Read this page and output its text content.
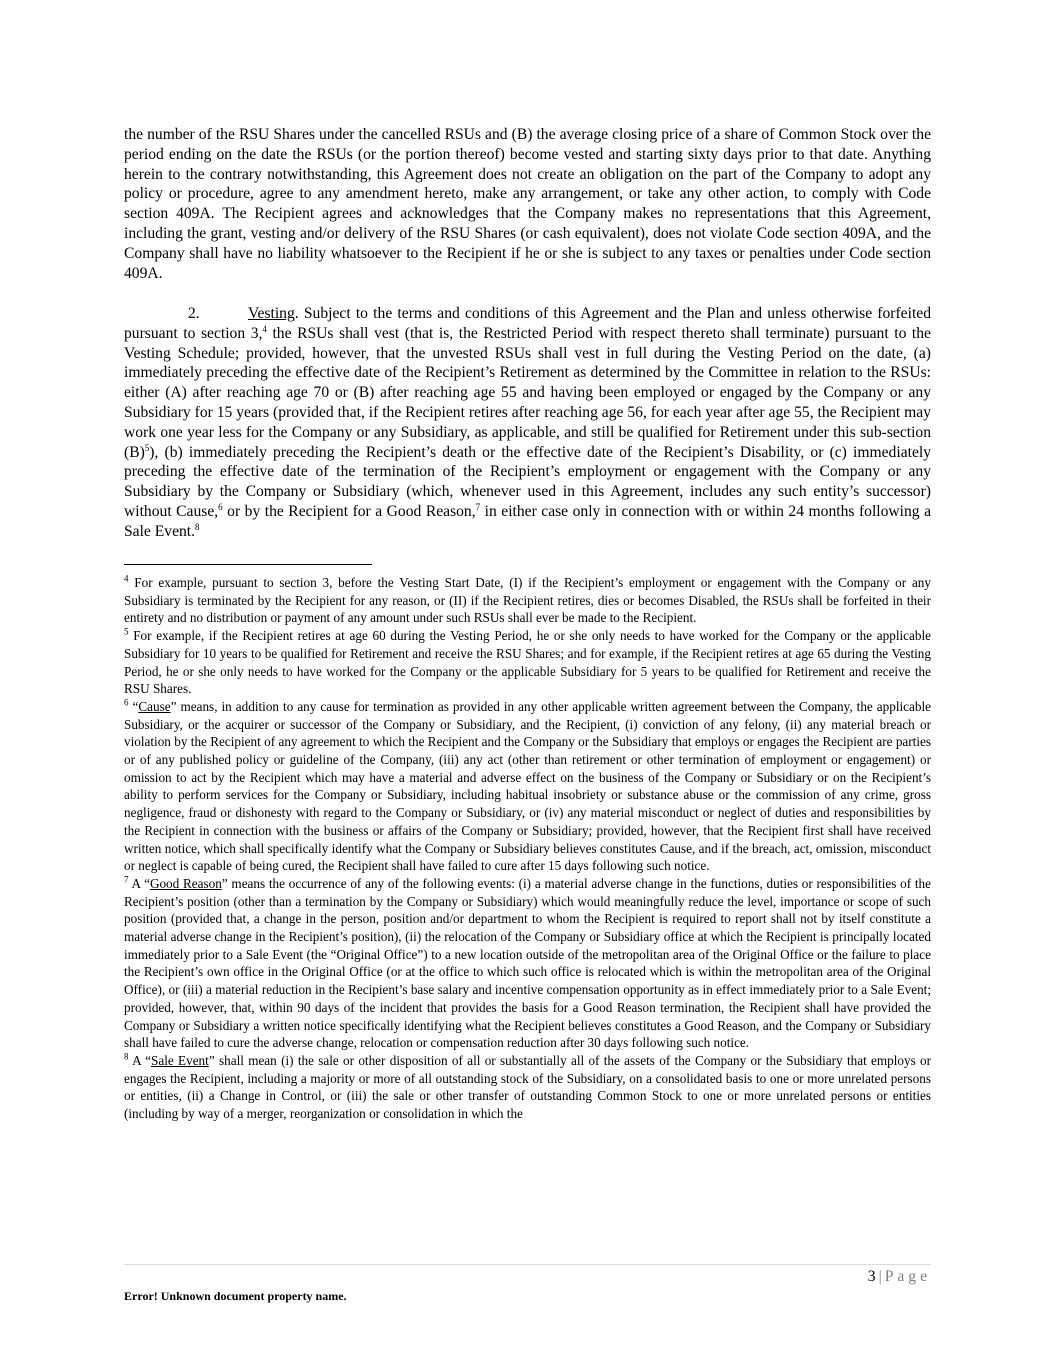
the number of the RSU Shares under the cancelled RSUs and (B) the average closing price of a share of Common Stock over the period ending on the date the RSUs (or the portion thereof) become vested and starting sixty days prior to that date. Anything herein to the contrary notwithstanding, this Agreement does not create an obligation on the part of the Company to adopt any policy or procedure, agree to any amendment hereto, make any arrangement, or take any other action, to comply with Code section 409A. The Recipient agrees and acknowledges that the Company makes no representations that this Agreement, including the grant, vesting and/or delivery of the RSU Shares (or cash equivalent), does not violate Code section 409A, and the Company shall have no liability whatsoever to the Recipient if he or she is subject to any taxes or penalties under Code section 409A.

2.	Vesting. Subject to the terms and conditions of this Agreement and the Plan and unless otherwise forfeited pursuant to section 3,$^4$ the RSUs shall vest (that is, the Restricted Period with respect thereto shall terminate) pursuant to the Vesting Schedule; provided, however, that the unvested RSUs shall vest in full during the Vesting Period on the date, (a) immediately preceding the effective date of the Recipient’s Retirement as determined by the Committee in relation to the RSUs: either (A) after reaching age 70 or (B) after reaching age 55 and having been employed or engaged by the Company or any Subsidiary for 15 years (provided that, if the Recipient retires after reaching age 56, for each year after age 55, the Recipient may work one year less for the Company or any Subsidiary, as applicable, and still be qualified for Retirement under this sub-section $(B)^5$), (b) immediately preceding the Recipient’s death or the effective date of the Recipient’s Disability, or (c) immediately preceding the effective date of the termination of the Recipient’s employment or engagement with the Company or any Subsidiary by the Company or Subsidiary (which, whenever used in this Agreement, includes any such entity’s successor) without Cause,$^6$ or by the Recipient for a Good Reason,$^7$ in either case only in connection with or within 24 months following a Sale Event.$^8$

$^4$ For example, pursuant to section 3, before the Vesting Start Date, (I) if the Recipient’s employment or engagement with the Company or any Subsidiary is terminated by the Recipient for any reason, or (II) if the Recipient retires, dies or becomes Disabled, the RSUs shall be forfeited in their entirety and no distribution or payment of any amount under such RSUs shall ever be made to the Recipient.

$^5$ For example, if the Recipient retires at age 60 during the Vesting Period, he or she only needs to have worked for the Company or the applicable Subsidiary for 10 years to be qualified for Retirement and receive the RSU Shares; and for example, if the Recipient retires at age 65 during the Vesting Period, he or she only needs to have worked for the Company or the applicable Subsidiary for 5 years to be qualified for Retirement and receive the RSU Shares.

$^6$ “Cause” means, in addition to any cause for termination as provided in any other applicable written agreement between the Company, the applicable Subsidiary, or the acquirer or successor of the Company or Subsidiary, and the Recipient, (i) conviction of any felony, (ii) any material breach or violation by the Recipient of any agreement to which the Recipient and the Company or the Subsidiary that employs or engages the Recipient are parties or of any published policy or guideline of the Company, (iii) any act (other than retirement or other termination of employment or engagement) or omission to act by the Recipient which may have a material and adverse effect on the business of the Company or Subsidiary or on the Recipient’s ability to perform services for the Company or Subsidiary, including habitual insobriety or substance abuse or the commission of any crime, gross negligence, fraud or dishonesty with regard to the Company or Subsidiary, or (iv) any material misconduct or neglect of duties and responsibilities by the Recipient in connection with the business or affairs of the Company or Subsidiary; provided, however, that the Recipient first shall have received written notice, which shall specifically identify what the Company or Subsidiary believes constitutes Cause, and if the breach, act, omission, misconduct or neglect is capable of being cured, the Recipient shall have failed to cure after 15 days following such notice.

$^7$ A “Good Reason” means the occurrence of any of the following events: (i) a material adverse change in the functions, duties or responsibilities of the Recipient’s position (other than a termination by the Company or Subsidiary) which would meaningfully reduce the level, importance or scope of such position (provided that, a change in the person, position and/or department to whom the Recipient is required to report shall not by itself constitute a material adverse change in the Recipient’s position), (ii) the relocation of the Company or Subsidiary office at which the Recipient is principally located immediately prior to a Sale Event (the “Original Office”) to a new location outside of the metropolitan area of the Original Office or the failure to place the Recipient’s own office in the Original Office (or at the office to which such office is relocated which is within the metropolitan area of the Original Office), or (iii) a material reduction in the Recipient’s base salary and incentive compensation opportunity as in effect immediately prior to a Sale Event; provided, however, that, within 90 days of the incident that provides the basis for a Good Reason termination, the Recipient shall have provided the Company or Subsidiary a written notice specifically identifying what the Recipient believes constitutes a Good Reason, and the Company or Subsidiary shall have failed to cure the adverse change, relocation or compensation reduction after 30 days following such notice.

$^8$ A “Sale Event” shall mean (i) the sale or other disposition of all or substantially all of the assets of the Company or the Subsidiary that employs or engages the Recipient, including a majority or more of all outstanding stock of the Subsidiary, on a consolidated basis to one or more unrelated persons or entities, (ii) a Change in Control, or (iii) the sale or other transfer of outstanding Common Stock to one or more unrelated persons or entities (including by way of a merger, reorganization or consolidation in which the

3 | Page
Error! Unknown document property name.
